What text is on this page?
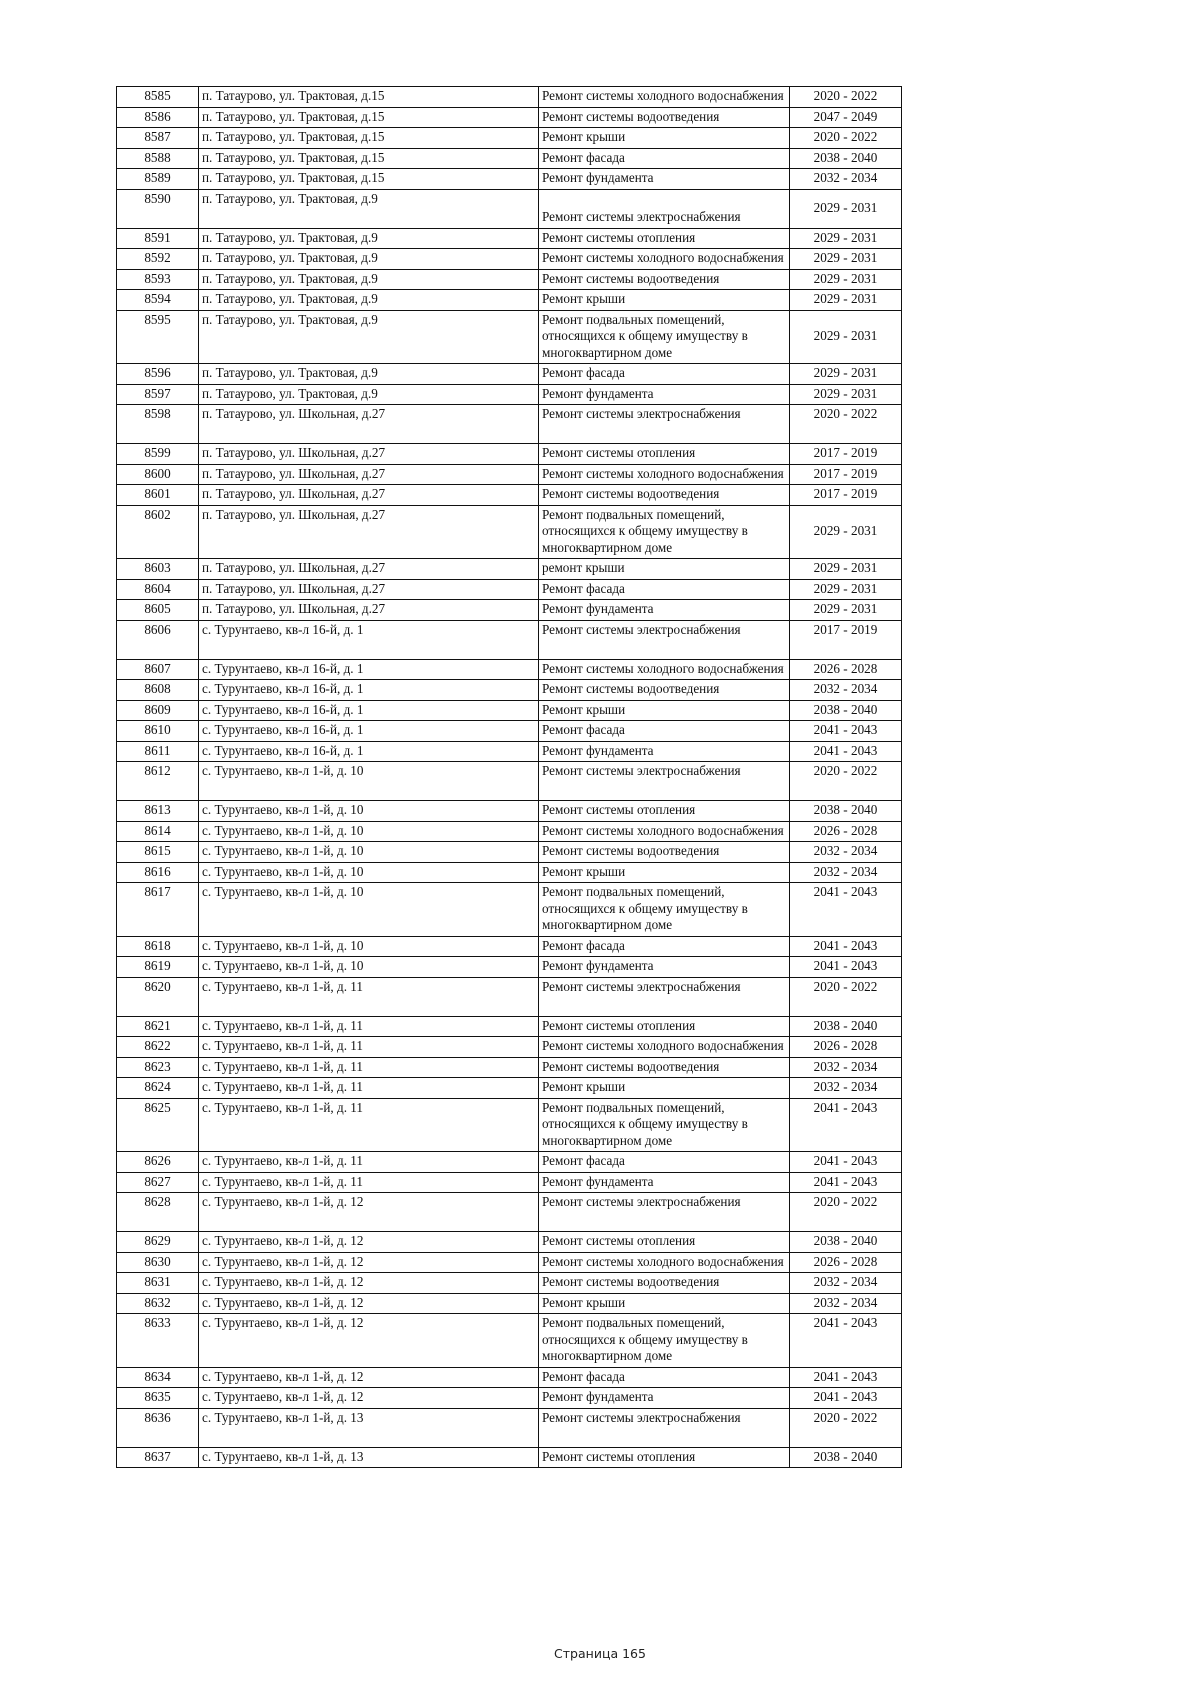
8585	п. Татаурово, ул. Трактовая, д.15	Ремонт системы холодного водоснабжения	2020 - 2022
8586	п. Татаурово, ул. Трактовая, д.15	Ремонт системы водоотведения	2047 - 2049
8587	п. Татаурово, ул. Трактовая, д.15	Ремонт крыши	2020 - 2022
8588	п. Татаурово, ул. Трактовая, д.15	Ремонт фасада	2038 - 2040
8589	п. Татаурово, ул. Трактовая, д.15	Ремонт фундамента	2032 - 2034
8590	п. Татаурово, ул. Трактовая, д.9	Ремонт системы электроснабжения	2029 - 2031
8591	п. Татаурово, ул. Трактовая, д.9	Ремонт системы отопления	2029 - 2031
8592	п. Татаурово, ул. Трактовая, д.9	Ремонт системы холодного водоснабжения	2029 - 2031
8593	п. Татаурово, ул. Трактовая, д.9	Ремонт системы водоотведения	2029 - 2031
8594	п. Татаурово, ул. Трактовая, д.9	Ремонт крыши	2029 - 2031
8595	п. Татаурово, ул. Трактовая, д.9	Ремонт подвальных помещений, относящихся к общему имуществу в многоквартирном доме	2029 - 2031
8596	п. Татаурово, ул. Трактовая, д.9	Ремонт фасада	2029 - 2031
8597	п. Татаурово, ул. Трактовая, д.9	Ремонт фундамента	2029 - 2031
8598	п. Татаурово, ул. Школьная, д.27	Ремонт системы электроснабжения	2020 - 2022
8599	п. Татаурово, ул. Школьная, д.27	Ремонт системы отопления	2017 - 2019
8600	п. Татаурово, ул. Школьная, д.27	Ремонт системы холодного водоснабжения	2017 - 2019
8601	п. Татаурово, ул. Школьная, д.27	Ремонт системы водоотведения	2017 - 2019
8602	п. Татаурово, ул. Школьная, д.27	Ремонт подвальных помещений, относящихся к общему имуществу в многоквартирном доме	2029 - 2031
8603	п. Татаурово, ул. Школьная, д.27	ремонт крыши	2029 - 2031
8604	п. Татаурово, ул. Школьная, д.27	Ремонт фасада	2029 - 2031
8605	п. Татаурово, ул. Школьная, д.27	Ремонт фундамента	2029 - 2031
8606	с. Турунтаево, кв-л 16-й, д. 1	Ремонт системы электроснабжения	2017 - 2019
8607	с. Турунтаево, кв-л 16-й, д. 1	Ремонт системы холодного водоснабжения	2026 - 2028
8608	с. Турунтаево, кв-л 16-й, д. 1	Ремонт системы водоотведения	2032 - 2034
8609	с. Турунтаево, кв-л 16-й, д. 1	Ремонт крыши	2038 - 2040
8610	с. Турунтаево, кв-л 16-й, д. 1	Ремонт фасада	2041 - 2043
8611	с. Турунтаево, кв-л 16-й, д. 1	Ремонт фундамента	2041 - 2043
8612	с. Турунтаево, кв-л 1-й, д. 10	Ремонт системы электроснабжения	2020 - 2022
8613	с. Турунтаево, кв-л 1-й, д. 10	Ремонт системы отопления	2038 - 2040
8614	с. Турунтаево, кв-л 1-й, д. 10	Ремонт системы холодного водоснабжения	2026 - 2028
8615	с. Турунтаево, кв-л 1-й, д. 10	Ремонт системы водоотведения	2032 - 2034
8616	с. Турунтаево, кв-л 1-й, д. 10	Ремонт крыши	2032 - 2034
8617	с. Турунтаево, кв-л 1-й, д. 10	Ремонт подвальных помещений, относящихся к общему имуществу в многоквартирном доме	2041 - 2043
8618	с. Турунтаево, кв-л 1-й, д. 10	Ремонт фасада	2041 - 2043
8619	с. Турунтаево, кв-л 1-й, д. 10	Ремонт фундамента	2041 - 2043
8620	с. Турунтаево, кв-л 1-й, д. 11	Ремонт системы электроснабжения	2020 - 2022
8621	с. Турунтаево, кв-л 1-й, д. 11	Ремонт системы отопления	2038 - 2040
8622	с. Турунтаево, кв-л 1-й, д. 11	Ремонт системы холодного водоснабжения	2026 - 2028
8623	с. Турунтаево, кв-л 1-й, д. 11	Ремонт системы водоотведения	2032 - 2034
8624	с. Турунтаево, кв-л 1-й, д. 11	Ремонт крыши	2032 - 2034
8625	с. Турунтаево, кв-л 1-й, д. 11	Ремонт подвальных помещений, относящихся к общему имуществу в многоквартирном доме	2041 - 2043
8626	с. Турунтаево, кв-л 1-й, д. 11	Ремонт фасада	2041 - 2043
8627	с. Турунтаево, кв-л 1-й, д. 11	Ремонт фундамента	2041 - 2043
8628	с. Турунтаево, кв-л 1-й, д. 12	Ремонт системы электроснабжения	2020 - 2022
8629	с. Турунтаево, кв-л 1-й, д. 12	Ремонт системы отопления	2038 - 2040
8630	с. Турунтаево, кв-л 1-й, д. 12	Ремонт системы холодного водоснабжения	2026 - 2028
8631	с. Турунтаево, кв-л 1-й, д. 12	Ремонт системы водоотведения	2032 - 2034
8632	с. Турунтаево, кв-л 1-й, д. 12	Ремонт крыши	2032 - 2034
8633	с. Турунтаево, кв-л 1-й, д. 12	Ремонт подвальных помещений, относящихся к общему имуществу в многоквартирном доме	2041 - 2043
8634	с. Турунтаево, кв-л 1-й, д. 12	Ремонт фасада	2041 - 2043
8635	с. Турунтаево, кв-л 1-й, д. 12	Ремонт фундамента	2041 - 2043
8636	с. Турунтаево, кв-л 1-й, д. 13	Ремонт системы электроснабжения	2020 - 2022
8637	с. Турунтаево, кв-л 1-й, д. 13	Ремонт системы отопления	2038 - 2040
Страница 165
